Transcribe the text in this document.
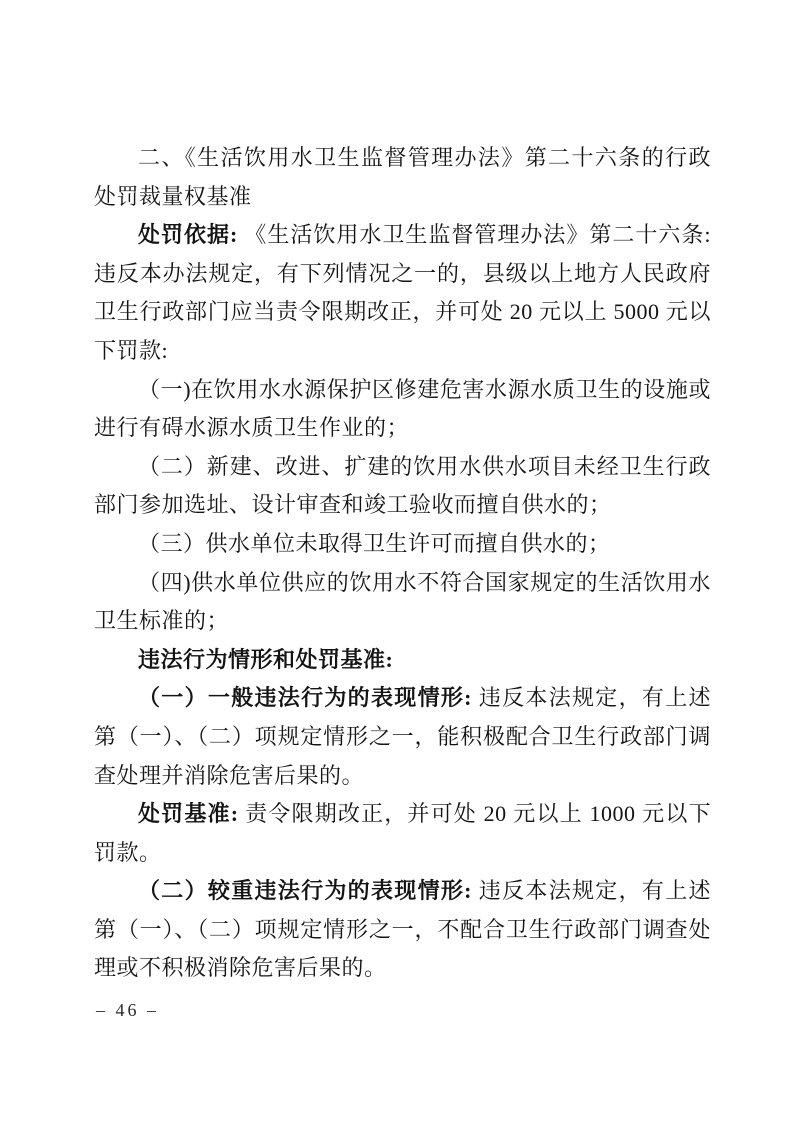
二、《生活饮用水卫生监督管理办法》第二十六条的行政处罚裁量权基准

处罚依据: 《生活饮用水卫生监督管理办法》第二十六条: 违反本办法规定，有下列情况之一的，县级以上地方人民政府卫生行政部门应当责令限期改正，并可处 20 元以上 5000 元以下罚款:

（一)在饮用水水源保护区修建危害水源水质卫生的设施或进行有碍水源水质卫生作业的；

（二）新建、改进、扩建的饮用水供水项目未经卫生行政部门参加选址、设计审查和竣工验收而擅自供水的；

（三）供水单位未取得卫生许可而擅自供水的；

（四)供水单位供应的饮用水不符合国家规定的生活饮用水卫生标准的；

违法行为情形和处罚基准:

（一）一般违法行为的表现情形: 违反本法规定，有上述第（一）、（二）项规定情形之一，能积极配合卫生行政部门调查处理并消除危害后果的。

处罚基准: 责令限期改正，并可处 20 元以上 1000 元以下罚款。

（二）较重违法行为的表现情形: 违反本法规定，有上述第（一）、（二）项规定情形之一，不配合卫生行政部门调查处理或不积极消除危害后果的。

– 46 –
